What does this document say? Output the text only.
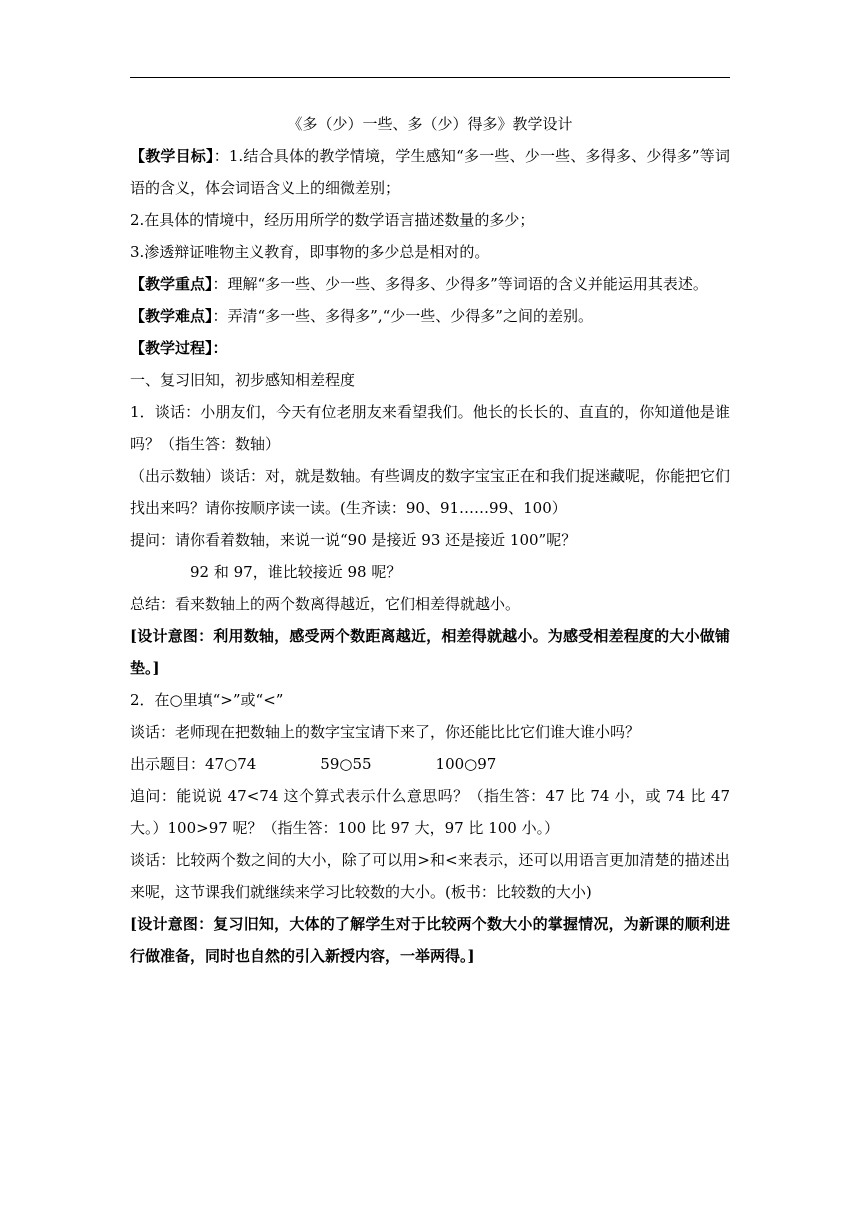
《多（少）一些、多（少）得多》教学设计

【教学目标】：1.结合具体的教学情境，学生感知“多一些、少一些、多得多、少得多”等词语的含义，体会词语含义上的细微差别；

2.在具体的情境中，经历用所学的数学语言描述数量的多少；

3.渗透辩证唯物主义教育，即事物的多少总是相对的。

【教学重点】：理解“多一些、少一些、多得多、少得多”等词语的含义并能运用其表述。

【教学难点】：弄清“多一些、多得多”,“少一些、少得多”之间的差别。

【教学过程】：

一、复习旧知，初步感知相差程度

1．谈话：小朋友们，今天有位老朋友来看望我们。他长的长长的、直直的，你知道他是谁吗？（指生答：数轴）

（出示数轴）谈话：对，就是数轴。有些调皮的数字宝宝正在和我们捉迷藏呢，你能把它们找出来吗？请你按顺序读一读。(生齐读：90、91……99、100）

提问：请你看着数轴，来说一说“90 是接近 93 还是接近 100”呢？

92 和 97，谁比较接近 98 呢？

总结：看来数轴上的两个数离得越近，它们相差得就越小。

[设计意图：利用数轴，感受两个数距离越近，相差得就越小。为感受相差程度的大小做铺垫。]

2．在○里填“>”或“<”

谈话：老师现在把数轴上的数字宝宝请下来了，你还能比比它们谁大谁小吗？

出示题目：47○74	59○55	100○97

追问：能说说 47<74 这个算式表示什么意思吗？（指生答：47 比 74 小，或 74 比 47 大。）100>97 呢？（指生答：100 比 97 大，97 比 100 小。）

谈话：比较两个数之间的大小，除了可以用>和<来表示，还可以用语言更加清楚的描述出来呢，这节课我们就继续来学习比较数的大小。(板书：比较数的大小)

[设计意图：复习旧知，大体的了解学生对于比较两个数大小的掌握情况，为新课的顺利进行做准备，同时也自然的引入新授内容，一举两得。]
